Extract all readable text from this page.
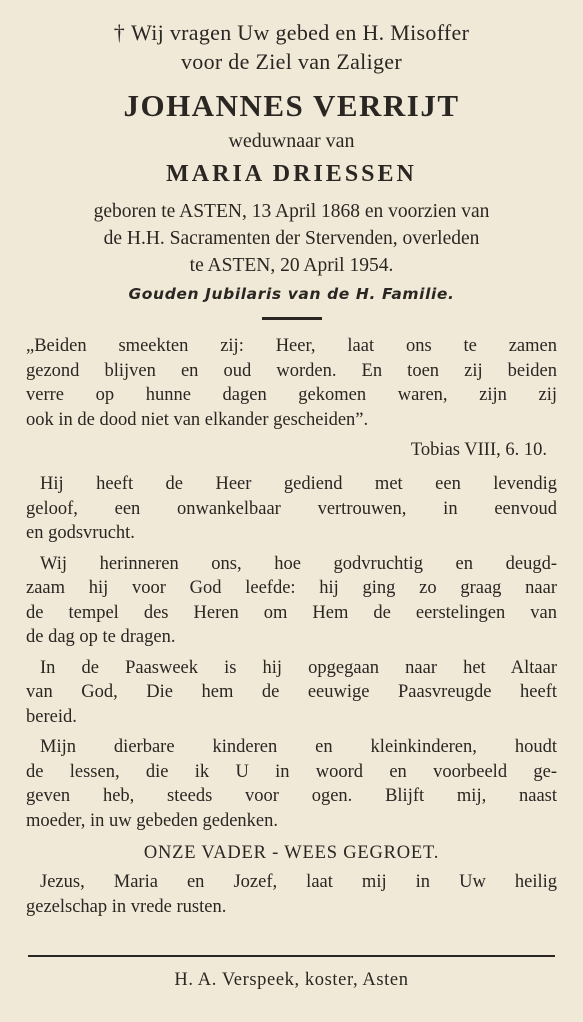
† Wij vragen Uw gebed en H. Misoffer
voor de Ziel van Zaliger
JOHANNES VERRIJT
weduwnaar van
MARIA DRIESSEN
geboren te ASTEN, 13 April 1868 en voorzien van
de H.H. Sacramenten der Stervenden, overleden
te ASTEN, 20 April 1954.
Gouden Jubilaris van de H. Familie.
„Beiden smeekten zij: Heer, laat ons te zamen
gezond blijven en oud worden. En toen zij beiden
verre op hunne dagen gekomen waren, zijn zij
ook in de dood niet van elkander gescheiden”.
Tobias VIII, 6. 10.
Hij heeft de Heer gediend met een levendig
geloof, een onwankelbaar vertrouwen, in eenvoud
en godsvrucht.
Wij herinneren ons, hoe godvruchtig en deugd-
zaam hij voor God leefde: hij ging zo graag naar
de tempel des Heren om Hem de eerstelingen van
de dag op te dragen.
In de Paasweek is hij opgegaan naar het Altaar
van God, Die hem de eeuwige Paasvreugde heeft
bereid.
Mijn dierbare kinderen en kleinkinderen, houdt
de lessen, die ik U in woord en voorbeeld ge-
geven heb, steeds voor ogen. Blijft mij, naast
moeder, in uw gebeden gedenken.
ONZE VADER - WEES GEGROET.
Jezus, Maria en Jozef, laat mij in Uw heilig
gezelschap in vrede rusten.
H. A. Verspeek, koster, Asten
